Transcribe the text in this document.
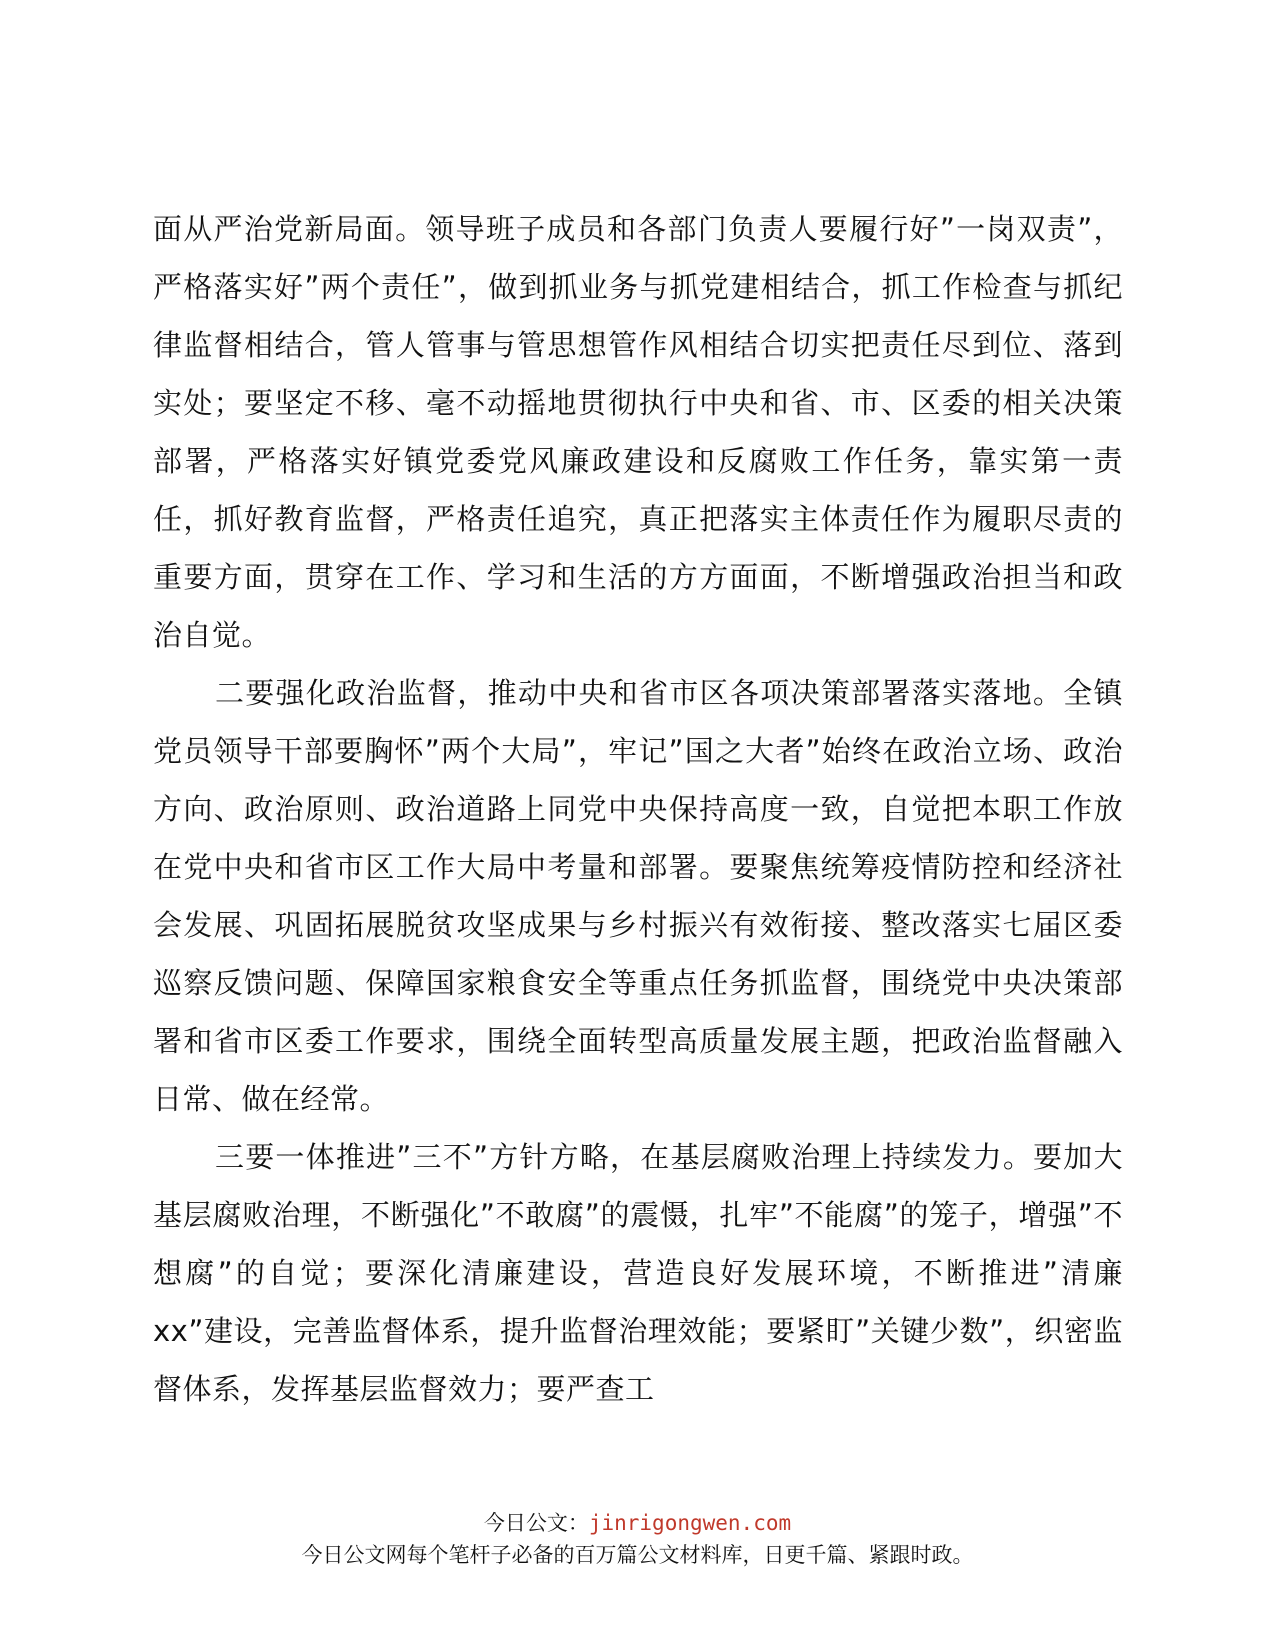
面从严治党新局面。领导班子成员和各部门负责人要履行好”一岗双责”，严格落实好”两个责任”，做到抓业务与抓党建相结合，抓工作检查与抓纪律监督相结合，管人管事与管思想管作风相结合切实把责任尽到位、落到实处；要坚定不移、毫不动摇地贯彻执行中央和省、市、区委的相关决策部署，严格落实好镇党委党风廉政建设和反腐败工作任务，靠实第一责任，抓好教育监督，严格责任追究，真正把落实主体责任作为履职尽责的重要方面，贯穿在工作、学习和生活的方方面面，不断增强政治担当和政治自觉。

二要强化政治监督，推动中央和省市区各项决策部署落实落地。全镇党员领导干部要胸怀”两个大局”，牢记”国之大者”始终在政治立场、政治方向、政治原则、政治道路上同党中央保持高度一致，自觉把本职工作放在党中央和省市区工作大局中考量和部署。要聚焦统筹疫情防控和经济社会发展、巩固拓展脱贫攻坚成果与乡村振兴有效衔接、整改落实七届区委巡察反馈问题、保障国家粮食安全等重点任务抓监督，围绕党中央决策部署和省市区委工作要求，围绕全面转型高质量发展主题，把政治监督融入日常、做在经常。

三要一体推进”三不”方针方略，在基层腐败治理上持续发力。要加大基层腐败治理，不断强化”不敢腐”的震慑，扎牢”不能腐”的笼子，增强”不想腐”的自觉；要深化清廉建设，营造良好发展环境，不断推进”清廉 xx”建设，完善监督体系，提升监督治理效能；要紧盯”关键少数”，织密监督体系，发挥基层监督效力；要严查工

今日公文：jinrigongwen.com
今日公文网每个笔杆子必备的百万篇公文材料库，日更千篇、紧跟时政。
